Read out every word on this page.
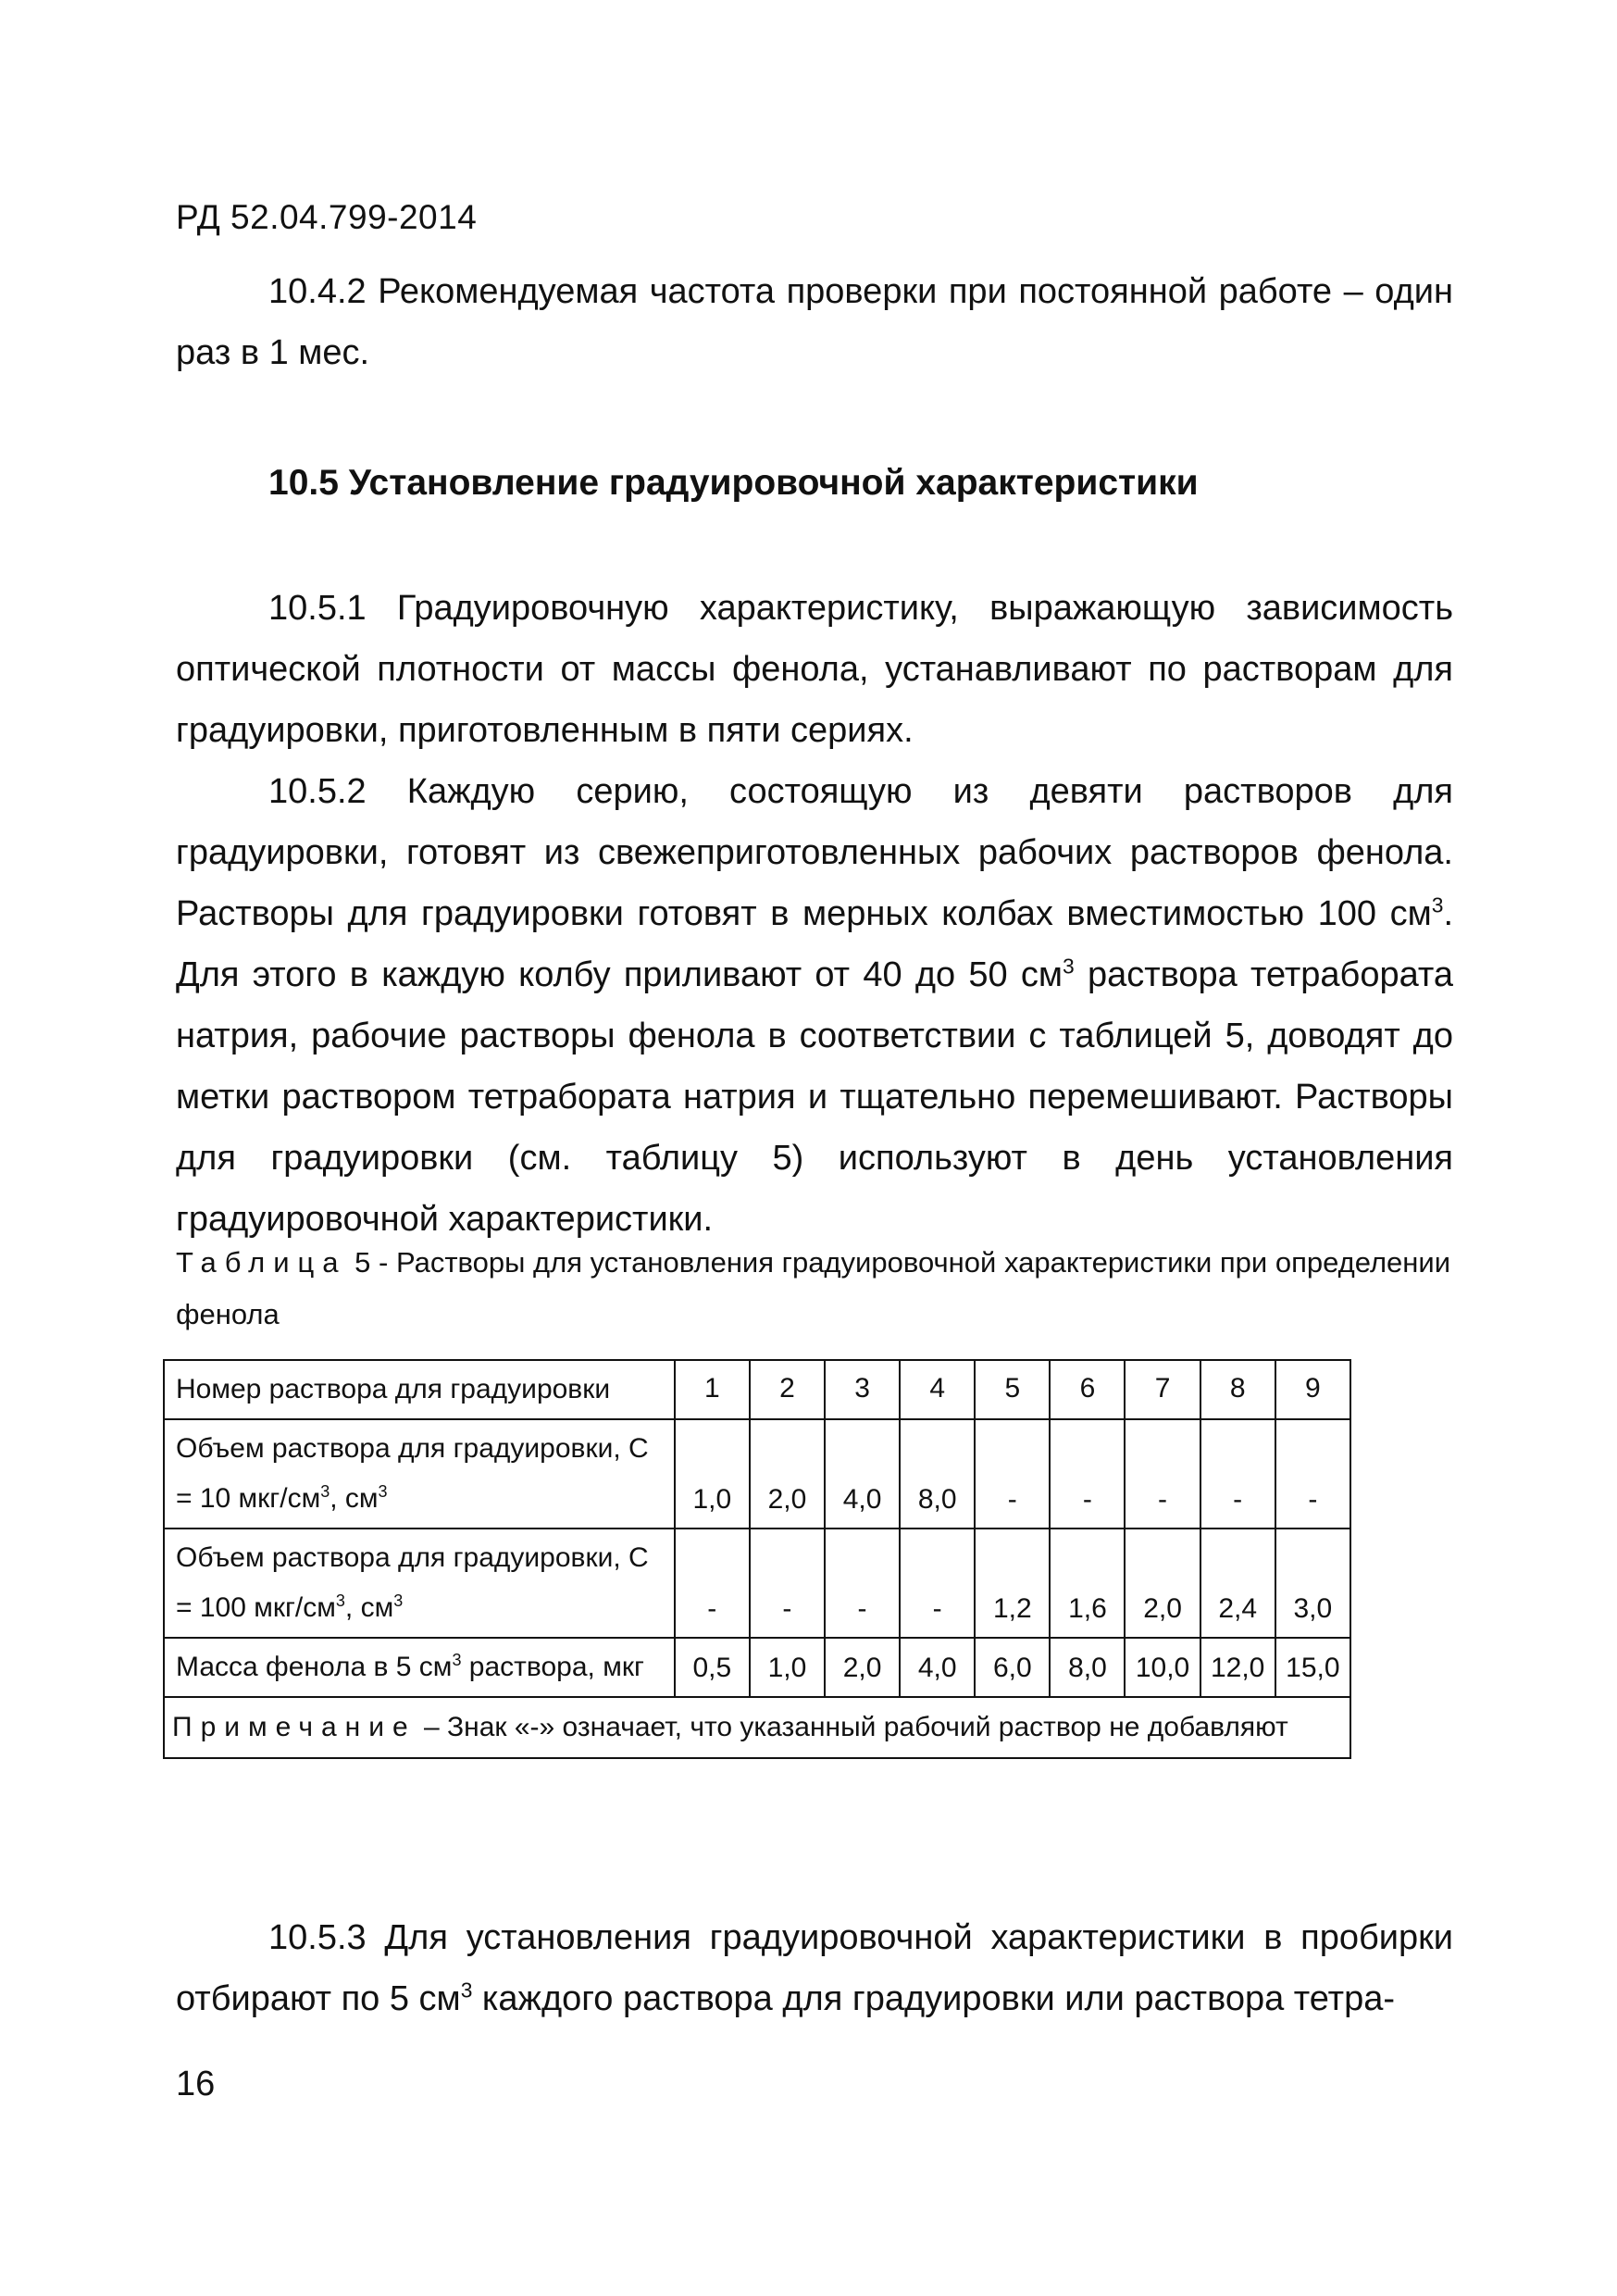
РД 52.04.799-2014

10.4.2 Рекомендуемая частота проверки при постоянной работе – один раз в 1 мес.

10.5 Установление градуировочной характеристики

10.5.1 Градуировочную характеристику, выражающую зависимость оптической плотности от массы фенола, устанавливают по растворам для градуировки, приготовленным в пяти сериях.

10.5.2 Каждую серию, состоящую из девяти растворов для градуировки, готовят из свежеприготовленных рабочих растворов фенола. Растворы для градуировки готовят в мерных колбах вместимостью 100 $см^3$. Для этого в каждую колбу приливают от 40 до 50 $см^3$ раствора тетрабората натрия, рабочие растворы фенола в соответствии с таблицей 5, доводят до метки раствором тетрабората натрия и тщательно перемешивают. Растворы для градуировки (см. таблицу 5) используют в день установления градуировочной характеристики.

Таблица 5 - Растворы для установления градуировочной характеристики при определении фенола

Номер раствора для градуировки	1	2	3	4	5	6	7	8	9
Объем раствора для градуировки, С = 10 мкг/$см^3$, $см^3$	1,0	2,0	4,0	8,0	-	-	-	-	-
Объем раствора для градуировки, С = 100 мкг/$см^3$, $см^3$	-	-	-	-	1,2	1,6	2,0	2,4	3,0
Масса фенола в 5 $см^3$ раствора, мкг	0,5	1,0	2,0	4,0	6,0	8,0	10,0	12,0	15,0
Примечание – Знак «-» означает, что указанный рабочий раствор не добавляют									

10.5.3 Для установления градуировочной характеристики в пробирки отбирают по 5 $см^3$ каждого раствора для градуировки или раствора тетра-

16
